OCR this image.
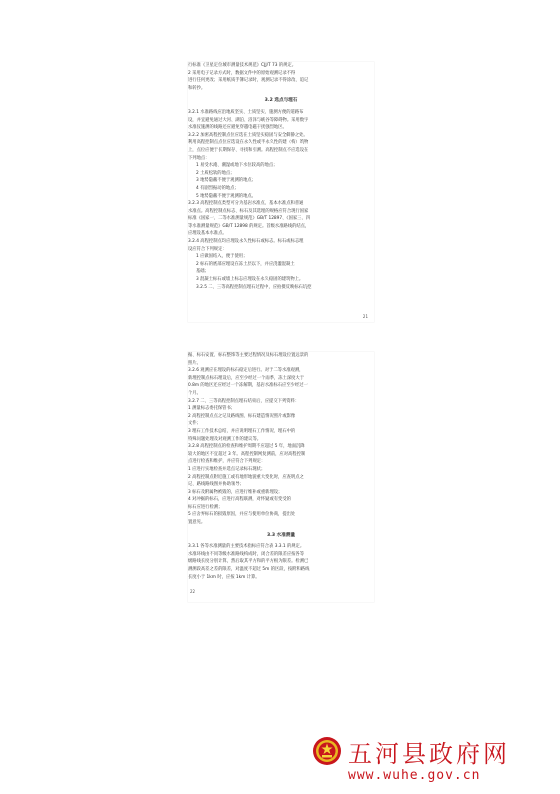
行标准《卫星定位城市测量技术规范》CJJ/T 73 的规定。

2 采用电子记录方式时，数据文件中的原始观测记录不得

进行任何更改；采用纸质手簿记录时，观测记录不得涂改、追记

和转抄。

3.2 选点与埋石

3.2.1 水准路线应沿地质坚实、土质坚实、施测方便的道路布

设，并宜避免通过大河、湖泊、沼泽与峡谷等障碍物。采用数字

水准仪施测的线路还应避免穿越电磁干扰强烈地区。

3.2.2 加密高程控制点位应选在土质坚实稳固与安全僻静之处。

利用高程控制点点位应选设在永久性或半永久性的建（构）筑物

上，点位应便于长期保存、寻找和引测。高程控制点不应选设在

下列地点：

1 易受水淹、潮湿或地下水位较高的地点；

2 土质松软的地点；

3 地势隐蔽不便于观测的地点；

4 有剧烈振动的地点；

5 地势隐蔽不便于观测的地点。

3.2.3 高程控制点类型可分为基岩水准点、基本水准点和普通

水准点。高程控制点标志、标石及其选埋的规格应符合现行国家

标准《国家一、二等水准测量规范》GB/T 12897、《国家三、四

等水准测量规范》GB/T 12898 的规定。首级水准路线的结点，

应埋设基本水准点。

3.2.4 高程控制点均应埋设永久性标石或标志。标石或标志埋

设应符合下列规定：

1 应做固结入，便于使用；

2 标石的底部应埋设在冻土层以下，并应浇灌混凝土

基础；

3 混凝土标石或墙上标志应埋设在永久稳固的建筑物上。

3.2.5 二、三等高程控制点埋石过程中，应拍摄反映标石坑挖

21

掘、标石安置、标石整饰等主要过程情况及标石埋设位置远景的

照片。

3.2.6 观测应在埋设的标石稳定后进行。对于二等水准观测，

新埋控制点标石埋设后，应至少经过一个雨季，冻土深度大于

0.8m 的地区还应经过一个冻解期，基岩水准标石应至少经过一

个月。

3.2.7 二、三等高程控制点埋石结束后，应提交下列资料：

1 测量标志委托保管书；

2 高程控制点点之记及路线图、标石建造情况照片或影像

文件；

3 埋石工作技术总结，并应说明埋石工作情况、埋石中的

特殊问题处理及对观测工作的建议等。

3.2.8 高程控制点的检查和维护周期不应超过 5 年，地面沉降

较大的地区不宜超过 3 年。高程控制网复测前，应对高程控制

点进行检查和维护，并应符合下列规定：

1 应进行实地检查并选点记录标石现状；

2 高程控制点附近施工或有地形地貌重大变化时，应查明点之

记、路线路线图并协助领导；

3 标石及附属物被毁的，应进行维补或重新埋设；

4 对冲掘的标石，应进行高程联测，对怀疑或有变受的

标石应进行检测；

5 应舍弃标石的损毁原因，并应与使用单位协商，提出处

置意见。

3.3 水准测量

3.3.1 各等水准测量的主要技术指标应符合表 3.3.1 的规定。

水准环线由不同等级水准路线构成时，闭合差的限差应按各等

级路线长度分别计算，然后取其平方和的平方根为限差。检测已

测测段高差之差的限差，对温度不超过 5m 的区段，按附和路线

长度小于 1km 时，应按 1km 计算。

22
五河县政府网
www.wuhe.gov.cn
